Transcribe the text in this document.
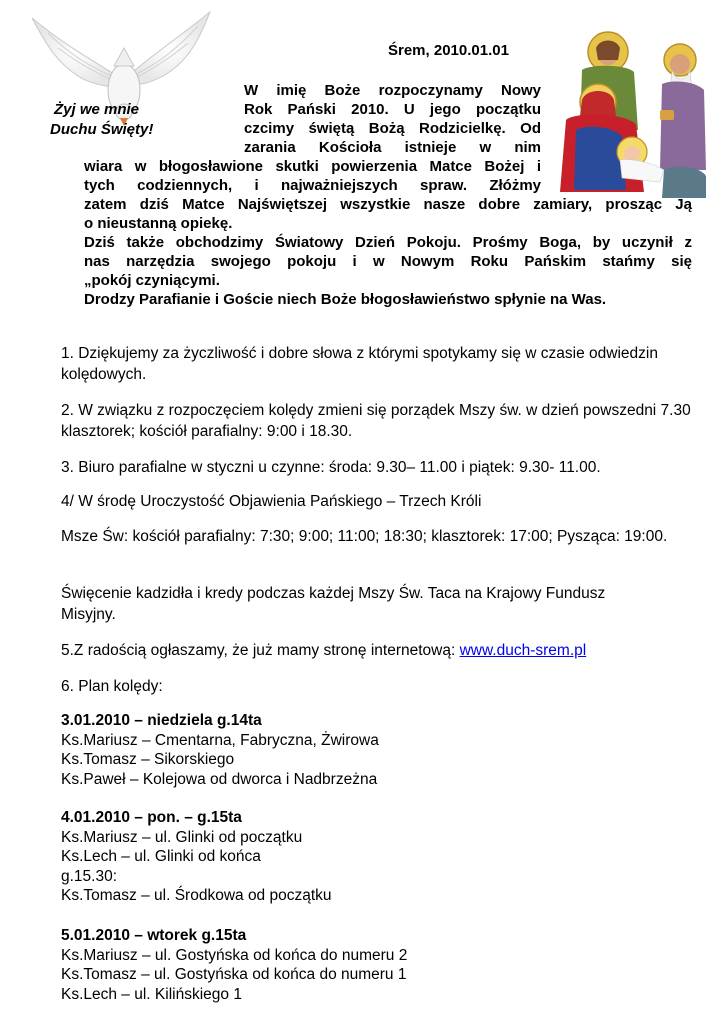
Żyj we mnie
Duchu Święty!
Śrem, 2010.01.01
W imię Boże rozpoczynamy Nowy
Rok Pański 2010. U jego początku
czcimy świętą Bożą Rodzicielkę. Od
zarania Kościoła istnieje w nim
wiara w błogosławione skutki powierzenia Matce Bożej i
tych codziennych, i najważniejszych spraw. Złóżmy
zatem dziś Matce Najświętszej wszystkie nasze dobre zamiary, prosząc Ją
o nieustanną opiekę.
Dziś także obchodzimy Światowy Dzień Pokoju. Prośmy Boga, by uczynił z
nas narzędzia swojego pokoju i w Nowym Roku Pańskim stańmy się
„pokój czyniącymi.
Drodzy Parafianie i Goście niech Boże błogosławieństwo spłynie na Was.
1. Dziękujemy za życzliwość i dobre słowa z którymi spotykamy się w czasie odwiedzin kolędowych.
2. W związku z rozpoczęciem kolędy zmieni się porządek Mszy św. w dzień powszedni 7.30 klasztorek; kościół parafialny: 9:00 i 18.30.
3. Biuro parafialne w styczni u czynne: środa: 9.30– 11.00 i piątek: 9.30- 11.00.
4/ W środę Uroczystość Objawienia Pańskiego – Trzech Króli
Msze Św: kościół parafialny: 7:30; 9:00; 11:00; 18:30; klasztorek: 17:00; Pysząca: 19:00.
Święcenie kadzidła i kredy podczas każdej Mszy Św. Taca na Krajowy Fundusz Misyjny.
5.Z radością ogłaszamy, że już mamy stronę internetową: www.duch-srem.pl
6. Plan kolędy:
3.01.2010 – niedziela g.14ta
Ks.Mariusz – Cmentarna, Fabryczna, Żwirowa
Ks.Tomasz – Sikorskiego
Ks.Paweł – Kolejowa od dworca i Nadbrzeżna
4.01.2010 – pon. – g.15ta
Ks.Mariusz – ul. Glinki od początku
Ks.Lech – ul. Glinki od końca
g.15.30:
Ks.Tomasz – ul. Środkowa od początku
5.01.2010 – wtorek g.15ta
Ks.Mariusz – ul. Gostyńska od końca do numeru 2
Ks.Tomasz – ul. Gostyńska od końca do numeru 1
Ks.Lech – ul. Kilińskiego 1
